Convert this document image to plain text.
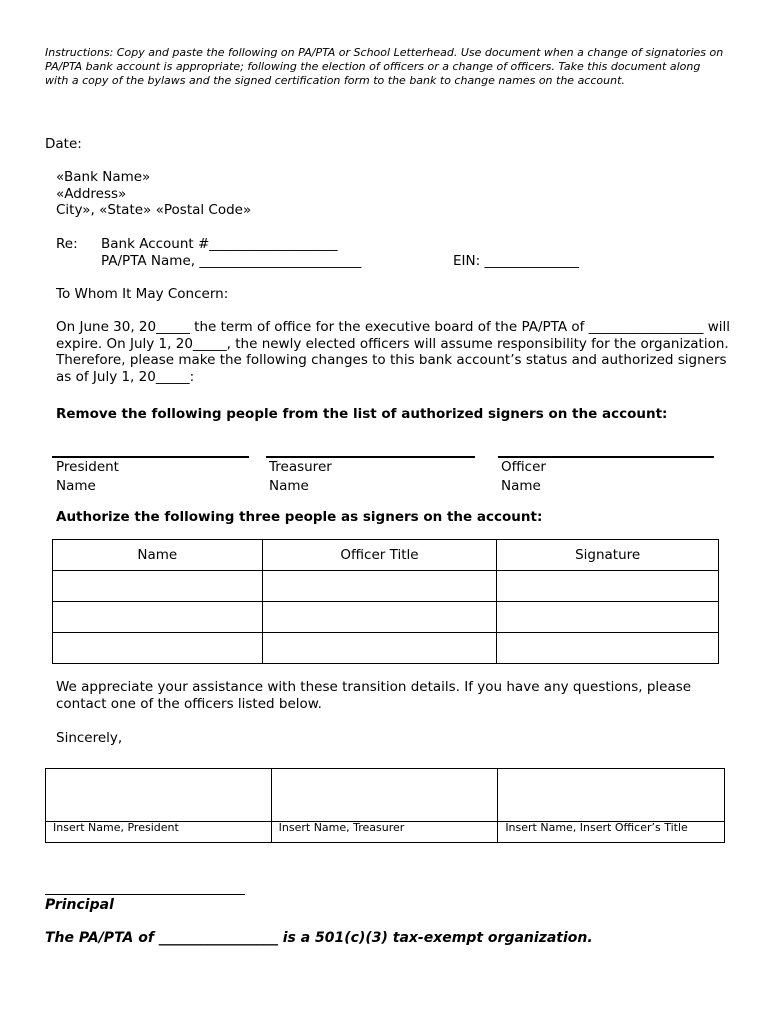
Instructions: Copy and paste the following on PA/PTA or School Letterhead. Use document when a change of signatories on PA/PTA bank account is appropriate; following the election of officers or a change of officers. Take this document along with a copy of the bylaws and the signed certification form to the bank to change names on the account.
Date:
«Bank Name»
«Address»
City», «State» «Postal Code»
Re: Bank Account #___________________
PA/PTA Name, ________________________	EIN: ______________
To Whom It May Concern:
On June 30, 20_____ the term of office for the executive board of the PA/PTA of _________________ will expire. On July 1, 20_____, the newly elected officers will assume responsibility for the organization. Therefore, please make the following changes to this bank account’s status and authorized signers as of July 1, 20_____:
Remove the following people from the list of authorized signers on the account:
President
Name
Treasurer
Name
Officer
Name
Authorize the following three people as signers on the account:
Name	Officer Title	Signature

We appreciate your assistance with these transition details. If you have any questions, please contact one of the officers listed below.
Sincerely,

Insert Name, President	Insert Name, Treasurer	Insert Name, Insert Officer’s Title
Principal
The PA/PTA of _________________ is a 501(c)(3) tax-exempt organization.
